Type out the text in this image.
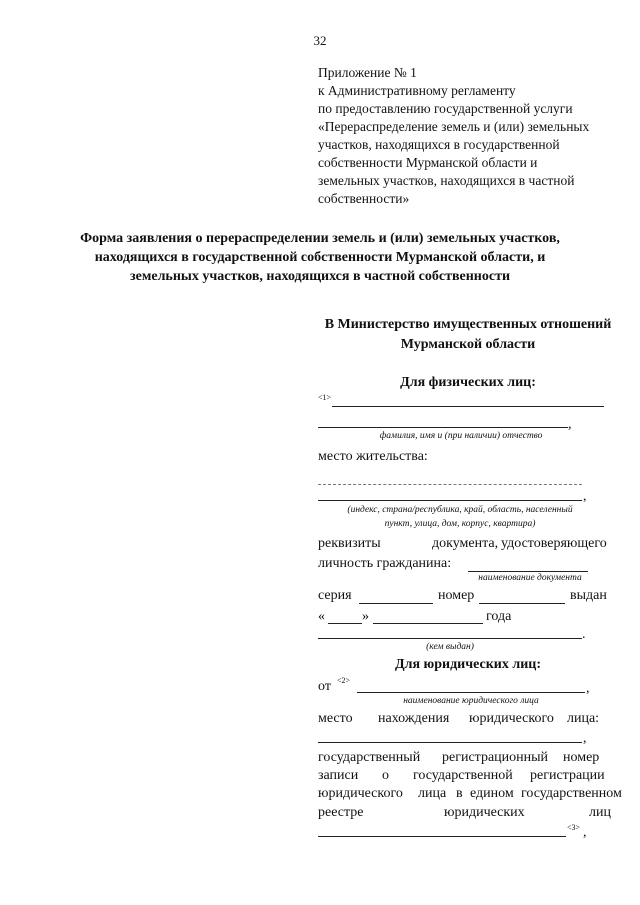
32
Приложение № 1
к Административному регламенту
по предоставлению государственной услуги
«Перераспределение земель и (или) земельных
участков, находящихся в государственной
собственности Мурманской области и
земельных участков, находящихся в частной
собственности»
Форма заявления о перераспределении земель и (или) земельных участков,
находящихся в государственной собственности Мурманской области, и
земельных участков, находящихся в частной собственности
В Министерство имущественных отношений
Мурманской области
Для физических лиц:
<1>
,
фамилия, имя и (при наличии) отчество
место жительства:
,
(индекс, страна/республика, край, область, населенный
пункт, улица, дом, корпус, квартира)
реквизиты	документа, удостоверяющего
личность гражданина:
наименование документа
серия	номер	выдан
«	»	года
.
(кем выдан)
Для юридических лиц:
от <2>
,
наименование юридического лица
место нахождения юридического лица:
,
государственный регистрационный номер
записи о государственной регистрации
юридического лица в едином государственном
реестре	юридических	лиц
<3> ,
